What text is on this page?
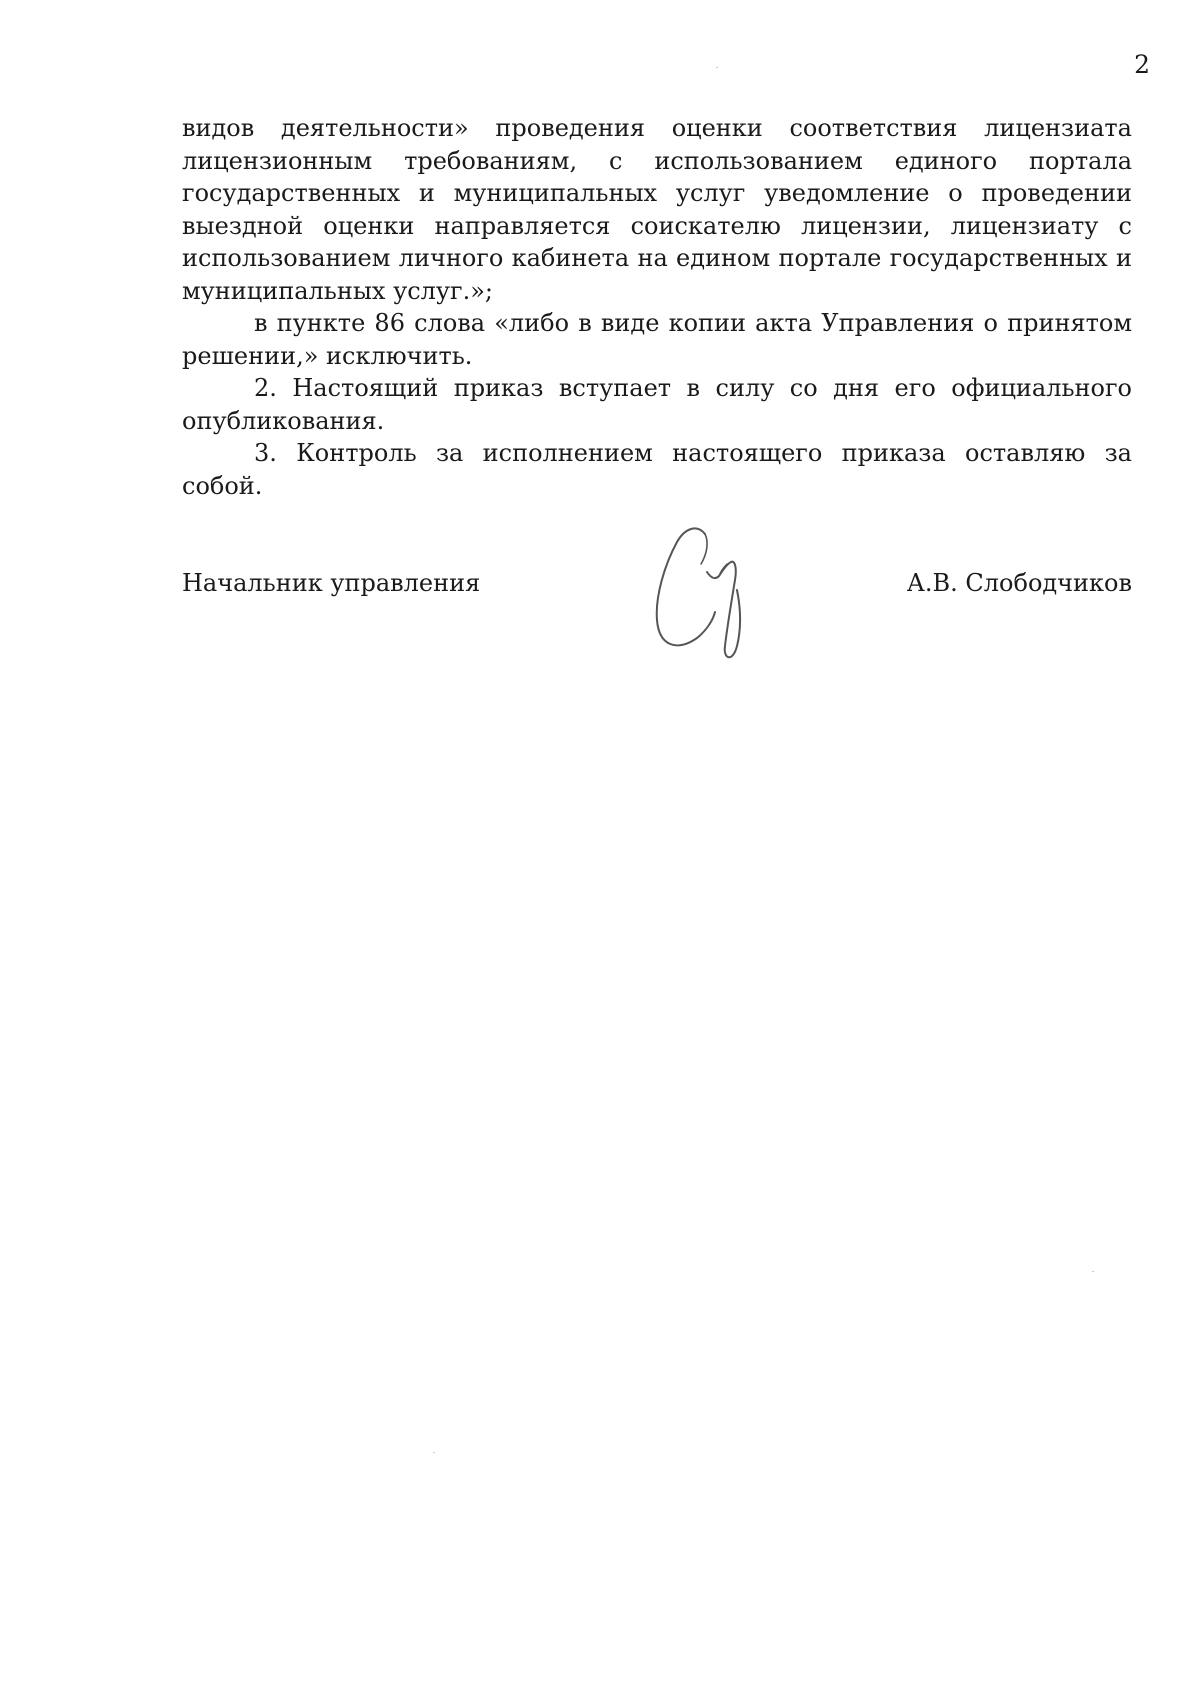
2

видов деятельности» проведения оценки соответствия лицензиата лицензионным требованиям, с использованием единого портала государственных и муниципальных услуг уведомление о проведении выездной оценки направляется соискателю лицензии, лицензиату с использованием личного кабинета на едином портале государственных и муниципальных услуг.»;

в пункте 86 слова «либо в виде копии акта Управления о принятом решении,» исключить.

2. Настоящий приказ вступает в силу со дня его официального опубликования.

3. Контроль за исполнением настоящего приказа оставляю за собой.

Начальник управления	А.В. Слободчиков
